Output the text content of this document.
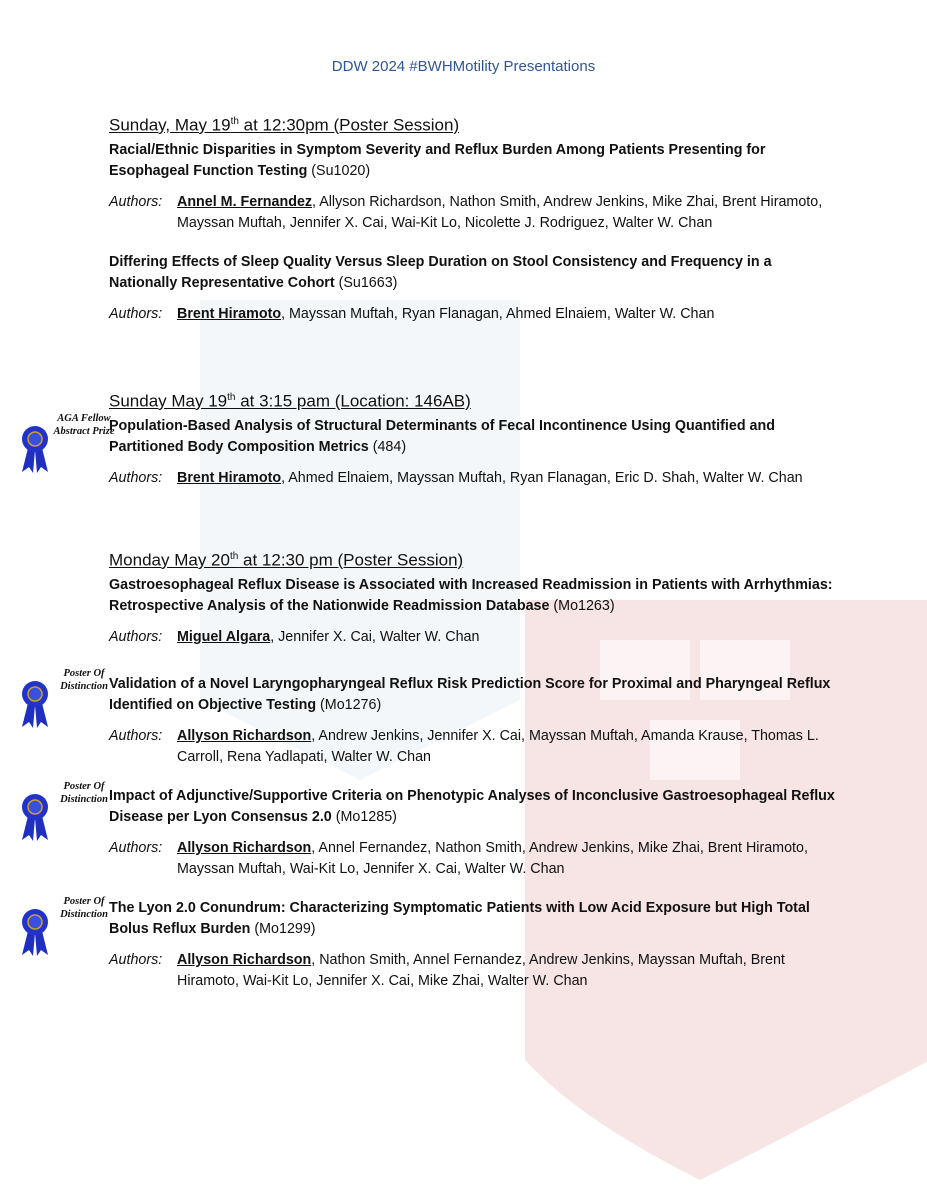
DDW 2024 #BWHMotility Presentations
Sunday, May 19th at 12:30pm (Poster Session)
Racial/Ethnic Disparities in Symptom Severity and Reflux Burden Among Patients Presenting for Esophageal Function Testing (Su1020)
Authors:	Annel M. Fernandez, Allyson Richardson, Nathon Smith, Andrew Jenkins, Mike Zhai, Brent Hiramoto, Mayssan Muftah, Jennifer X. Cai, Wai-Kit Lo, Nicolette J. Rodriguez, Walter W. Chan
Differing Effects of Sleep Quality Versus Sleep Duration on Stool Consistency and Frequency in a Nationally Representative Cohort (Su1663)
Authors:	Brent Hiramoto, Mayssan Muftah, Ryan Flanagan, Ahmed Elnaiem, Walter W. Chan
Sunday May 19th at 3:15 pam (Location: 146AB)
Population-Based Analysis of Structural Determinants of Fecal Incontinence Using Quantified and Partitioned Body Composition Metrics (484)
Authors:	Brent Hiramoto, Ahmed Elnaiem, Mayssan Muftah, Ryan Flanagan, Eric D. Shah, Walter W. Chan
Monday May 20th at 12:30 pm (Poster Session)
Gastroesophageal Reflux Disease is Associated with Increased Readmission in Patients with Arrhythmias: Retrospective Analysis of the Nationwide Readmission Database (Mo1263)
Authors:	Miguel Algara, Jennifer X. Cai, Walter W. Chan
Validation of a Novel Laryngopharyngeal Reflux Risk Prediction Score for Proximal and Pharyngeal Reflux Identified on Objective Testing (Mo1276)
Authors:	Allyson Richardson, Andrew Jenkins, Jennifer X. Cai, Mayssan Muftah, Amanda Krause, Thomas L. Carroll, Rena Yadlapati, Walter W. Chan
Impact of Adjunctive/Supportive Criteria on Phenotypic Analyses of Inconclusive Gastroesophageal Reflux Disease per Lyon Consensus 2.0 (Mo1285)
Authors:	Allyson Richardson, Annel Fernandez, Nathon Smith, Andrew Jenkins, Mike Zhai, Brent Hiramoto, Mayssan Muftah, Wai-Kit Lo, Jennifer X. Cai, Walter W. Chan
The Lyon 2.0 Conundrum: Characterizing Symptomatic Patients with Low Acid Exposure but High Total Bolus Reflux Burden (Mo1299)
Authors:	Allyson Richardson, Nathon Smith, Annel Fernandez, Andrew Jenkins, Mayssan Muftah, Brent Hiramoto, Wai-Kit Lo, Jennifer X. Cai, Mike Zhai, Walter W. Chan
AGA Fellow Abstract Prize
Poster Of Distinction
Poster Of Distinction
Poster Of Distinction
